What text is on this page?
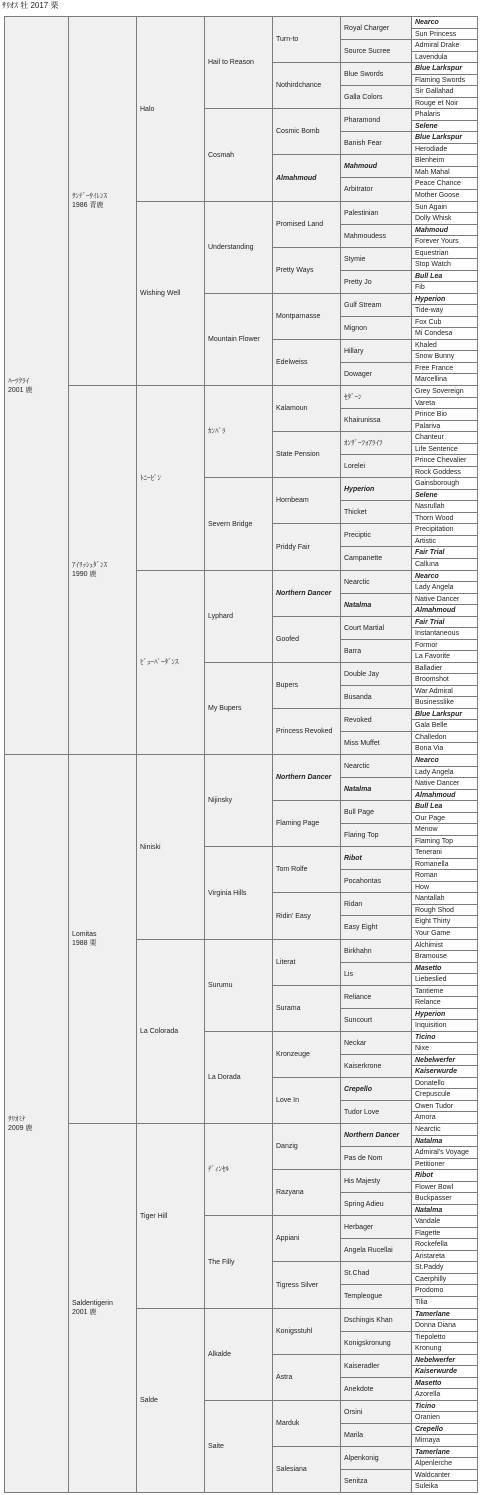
ｻﾘｵｽ 牡 2017 栗
ﾊｰﾂｸﾗｲ
2001 鹿
ｻﾘｵﾐﾅ
2009 鹿
ｻﾝﾃﾞｰｻｲﾚﾝｽ
1986 青鹿
ｱｲﾘｯｼｭﾀﾞﾝｽ
1990 鹿
Lomitas
1988 栗
Saldentigerin
2001 鹿
Halo
Wishing Well
ﾄﾆｰﾋﾞﾝ
ﾋﾞｭｰﾊﾟｰﾀﾞﾝｽ
Niniski
La Colorada
Tiger Hill
Salde
Hail to Reason
Cosmah
Understanding
Mountain Flower
ｶﾝﾊﾟﾗ
Severn Bridge
Lyphard
My Bupers
Nijinsky
Virginia Hills
Surumu
La Dorada
ﾃﾞｨﾝｾﾙ
The Filly
Alkalde
Saite
Turn-to
Nothirdchance
Cosmic Bomb
Almahmoud
Promised Land
Pretty Ways
Montparnasse
Edelweiss
Kalamoun
State Pension
Hornbeam
Priddy Fair
Northern Dancer
Goofed
Bupers
Princess Revoked
Northern Dancer
Flaming Page
Tom Rolfe
Ridin' Easy
Literat
Surama
Kronzeuge
Love In
Danzig
Razyana
Appiani
Tigress Silver
Konigsstuhl
Astra
Marduk
Salesiana
Royal Charger
Source Sucree
Blue Swords
Galla Colors
Pharamond
Banish Fear
Mahmoud
Arbitrator
Palestinian
Mahmoudess
Stymie
Pretty Jo
Gulf Stream
Mignon
Hillary
Dowager
ｾﾀﾞｰﾝ
Khairunissa
ｵﾝｻﾞｰﾌｫｱﾗｲﾌ
Lorelei
Hyperion
Thicket
Preciptic
Campanette
Nearctic
Natalma
Court Martial
Barra
Double Jay
Busanda
Revoked
Miss Muffet
Nearctic
Natalma
Bull Page
Flaring Top
Ribot
Pocahontas
Ridan
Easy Eight
Birkhahn
Lis
Reliance
Suncourt
Neckar
Kaiserkrone
Crepello
Tudor Love
Northern Dancer
Pas de Nom
His Majesty
Spring Adieu
Herbager
Angela Rucellai
St.Chad
Templeogue
Dschingis Khan
Konigskronung
Kaiseradler
Anekdote
Orsini
Marila
Alpenkonig
Senitza
Nearco
Sun Princess
Admiral Drake
Lavendula
Blue Larkspur
Flaming Swords
Sir Gallahad
Rouge et Noir
Phalaris
Selene
Blue Larkspur
Herodiade
Blenheim
Mah Mahal
Peace Chance
Mother Goose
Sun Again
Dolly Whisk
Mahmoud
Forever Yours
Equestrian
Stop Watch
Bull Lea
Fib
Hyperion
Tide-way
Fox Cub
Mi Condesa
Khaled
Snow Bunny
Free France
Marcellina
Grey Sovereign
Vareta
Prince Bio
Palariva
Chanteur
Life Sentence
Prince Chevalier
Rock Goddess
Gainsborough
Selene
Nasrullah
Thorn Wood
Precipitation
Artistic
Fair Trial
Calluna
Nearco
Lady Angela
Native Dancer
Almahmoud
Fair Trial
Instantaneous
Formor
La Favorite
Balladier
Broomshot
War Admiral
Businesslike
Blue Larkspur
Gala Belle
Challedon
Bona Via
Nearco
Lady Angela
Native Dancer
Almahmoud
Bull Lea
Our Page
Menow
Flaming Top
Tenerani
Romanella
Roman
How
Nantallah
Rough Shod
Eight Thirty
Your Game
Alchimist
Bramouse
Masetto
Liebeslied
Tantieme
Relance
Hyperion
Inquisition
Ticino
Nixe
Nebelwerfer
Kaiserwurde
Donatello
Crepuscule
Owen Tudor
Amora
Nearctic
Natalma
Admiral's Voyage
Petitioner
Ribot
Flower Bowl
Buckpasser
Natalma
Vandale
Flagette
Rockefella
Aristareta
St.Paddy
Caerphilly
Prodomo
Tilia
Tamerlane
Donna Diana
Tiepoletto
Kronung
Nebelwerfer
Kaiserwurde
Masetto
Azorella
Ticino
Oranien
Crepello
Mirnaya
Tamerlane
Alpenlerche
Waldcanter
Suleika
